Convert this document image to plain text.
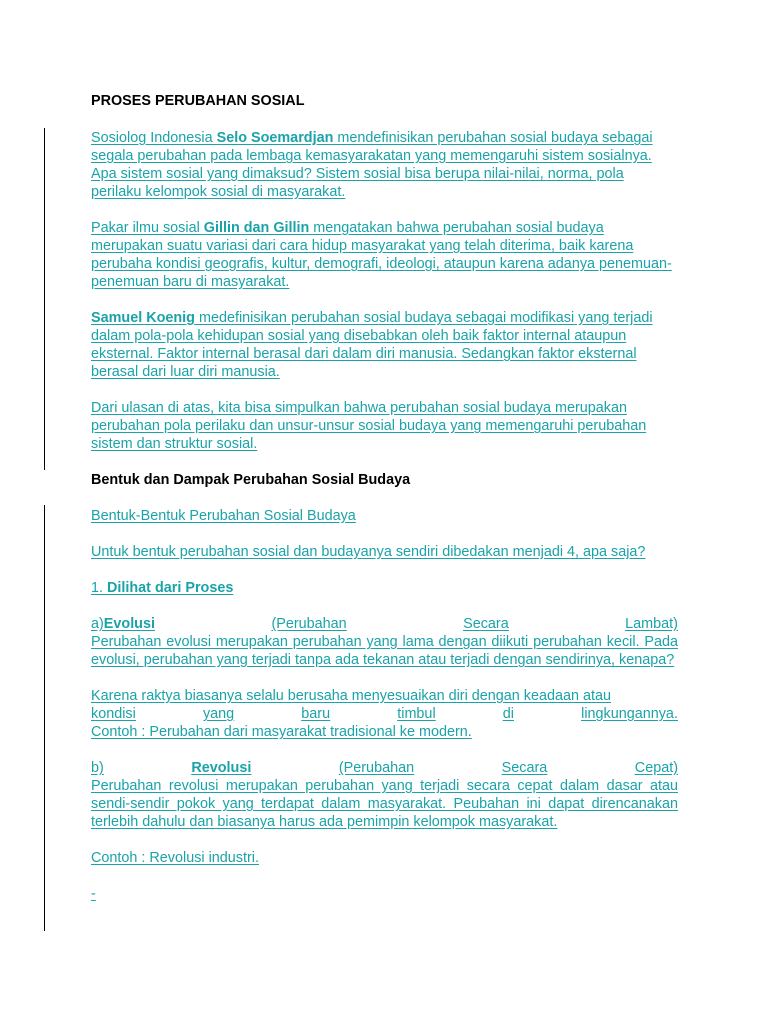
PROSES PERUBAHAN SOSIAL

Sosiolog Indonesia Selo Soemardjan mendefinisikan perubahan sosial budaya sebagai segala perubahan pada lembaga kemasyarakatan yang memengaruhi sistem sosialnya. Apa sistem sosial yang dimaksud? Sistem sosial bisa berupa nilai-nilai, norma, pola perilaku kelompok sosial di masyarakat.

Pakar ilmu sosial Gillin dan Gillin mengatakan bahwa perubahan sosial budaya merupakan suatu variasi dari cara hidup masyarakat yang telah diterima, baik karena perubaha kondisi geografis, kultur, demografi, ideologi, ataupun karena adanya penemuan-penemuan baru di masyarakat.

Samuel Koenig medefinisikan perubahan sosial budaya sebagai modifikasi yang terjadi dalam pola-pola kehidupan sosial yang disebabkan oleh baik faktor internal ataupun eksternal. Faktor internal berasal dari dalam diri manusia. Sedangkan faktor eksternal berasal dari luar diri manusia.

Dari ulasan di atas, kita bisa simpulkan bahwa perubahan sosial budaya merupakan perubahan pola perilaku dan unsur-unsur sosial budaya yang memengaruhi perubahan sistem dan struktur sosial.

Bentuk dan Dampak Perubahan Sosial Budaya

Bentuk-Bentuk Perubahan Sosial Budaya

Untuk bentuk perubahan sosial dan budayanya sendiri dibedakan menjadi 4, apa saja?

1. Dilihat dari Proses

a)Evolusi	(Perubahan	Secara	Lambat)

Perubahan evolusi merupakan perubahan yang lama dengan diikuti perubahan kecil. Pada evolusi, perubahan yang terjadi tanpa ada tekanan atau terjadi dengan sendirinya, kenapa?

Karena raktya biasanya selalu berusaha menyesuaikan diri dengan keadaan atau

kondisi	yang	baru	timbul	di	lingkungannya.

Contoh : Perubahan dari masyarakat tradisional ke modern.

b)	Revolusi	(Perubahan	Secara	Cepat)

Perubahan revolusi merupakan perubahan yang terjadi secara cepat dalam dasar atau sendi-sendir pokok yang terdapat dalam masyarakat. Peubahan ini dapat direncanakan terlebih dahulu dan biasanya harus ada pemimpin kelompok masyarakat.

Contoh : Revolusi industri.

-
